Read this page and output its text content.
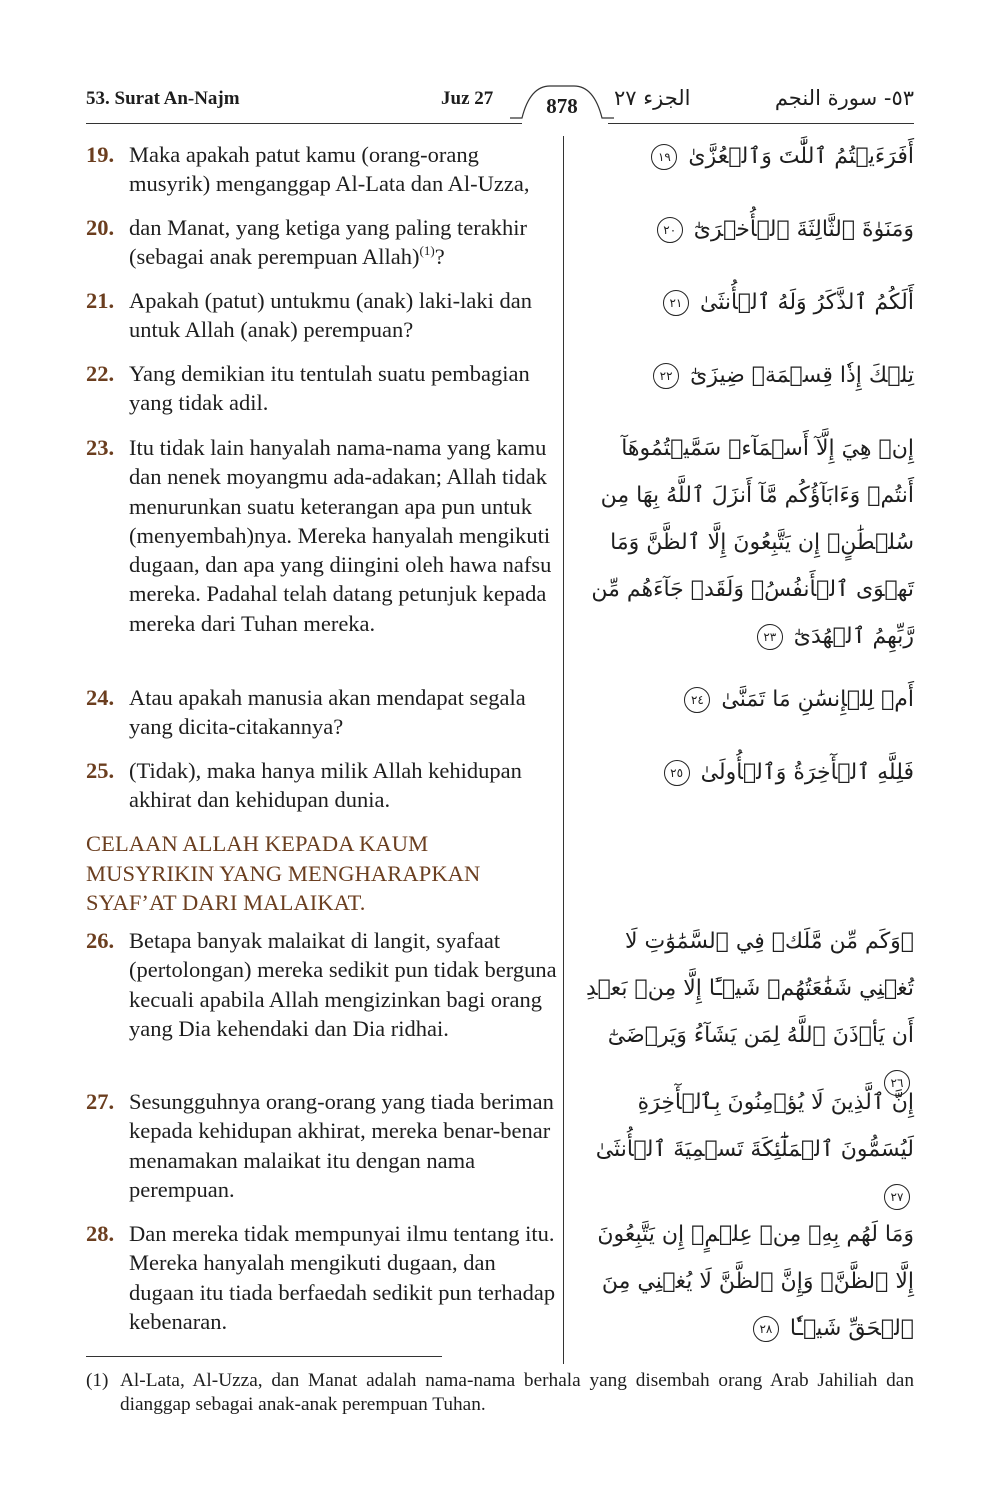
53. Surat An-Najm	Juz 27	878	الجزء ٢٧	٥٣- سورة النجم
19. Maka apakah patut kamu (orang-orang musyrik) menganggap Al-Lata dan Al-Uzza,
أَفَرَءَيۡتُمُ ٱللَّٰتَ وَٱلۡعُزَّىٰ ١٩
20. dan Manat, yang ketiga yang paling terakhir (sebagai anak perempuan Allah)$^{(1)}$?
وَمَنَوٰةَ ٱلثَّالِثَةَ ٱلۡأُخۡرَىٰٓ ٢٠
21. Apakah (patut) untukmu (anak) laki-laki dan untuk Allah (anak) perempuan?
أَلَكُمُ ٱلذَّكَرُ وَلَهُ ٱلۡأُنثَىٰ ٢١
22. Yang demikian itu tentulah suatu pembagian yang tidak adil.
تِلۡكَ إِذٗا قِسۡمَةٞ ضِيزَىٰٓ ٢٢
23. Itu tidak lain hanyalah nama-nama yang kamu dan nenek moyangmu ada-adakan; Allah tidak menurunkan suatu keterangan apa pun untuk (menyembah)nya. Mereka hanyalah mengikuti dugaan, dan apa yang diingini oleh hawa nafsu mereka. Padahal telah datang petunjuk kepada mereka dari Tuhan mereka.
إِنۡ هِيَ إِلَّآ أَسۡمَآءٞ سَمَّيۡتُمُوهَآ أَنتُمۡ وَءَابَآؤُكُم مَّآ أَنزَلَ ٱللَّهُ بِهَا مِن سُلۡطَٰنٍۚ إِن يَتَّبِعُونَ إِلَّا ٱلظَّنَّ وَمَا تَهۡوَى ٱلۡأَنفُسُۖ وَلَقَدۡ جَآءَهُم مِّن رَّبِّهِمُ ٱلۡهُدَىٰٓ ٢٣
24. Atau apakah manusia akan mendapat segala yang dicita-citakannya?
أَمۡ لِلۡإِنسَٰنِ مَا تَمَنَّىٰ ٢٤
25. (Tidak), maka hanya milik Allah kehidupan akhirat dan kehidupan dunia.
فَلِلَّهِ ٱلۡأٓخِرَةُ وَٱلۡأُولَىٰ ٢٥
CELAAN ALLAH KEPADA KAUM MUSYRIKIN YANG MENGHARAPKAN SYAF’AT DARI MALAIKAT.
26. Betapa banyak malaikat di langit, syafaat (pertolongan) mereka sedikit pun tidak berguna kecuali apabila Allah mengizinkan bagi orang yang Dia kehendaki dan Dia ridhai.
۞وَكَم مِّن مَّلَكٖ فِي ٱلسَّمَٰوَٰتِ لَا تُغۡنِي شَفَٰعَتُهُمۡ شَيۡـًٔا إِلَّا مِنۢ بَعۡدِ أَن يَأۡذَنَ ٱللَّهُ لِمَن يَشَآءُ وَيَرۡضَىٰٓ ٢٦
27. Sesungguhnya orang-orang yang tiada beriman kepada kehidupan akhirat, mereka benar-benar menamakan malaikat itu dengan nama perempuan.
إِنَّ ٱلَّذِينَ لَا يُؤۡمِنُونَ بِٱلۡأٓخِرَةِ لَيُسَمُّونَ ٱلۡمَلَٰٓئِكَةَ تَسۡمِيَةَ ٱلۡأُنثَىٰ ٢٧
28. Dan mereka tidak mempunyai ilmu tentang itu. Mereka hanyalah mengikuti dugaan, dan dugaan itu tiada berfaedah sedikit pun terhadap kebenaran.
وَمَا لَهُم بِهِۦ مِنۡ عِلۡمٍۖ إِن يَتَّبِعُونَ إِلَّا ٱلظَّنَّۖ وَإِنَّ ٱلظَّنَّ لَا يُغۡنِي مِنَ ٱلۡحَقِّ شَيۡـٔٗا ٢٨
(1) Al-Lata, Al-Uzza, dan Manat adalah nama-nama berhala yang disembah orang Arab Jahiliah dan dianggap sebagai anak-anak perempuan Tuhan.
